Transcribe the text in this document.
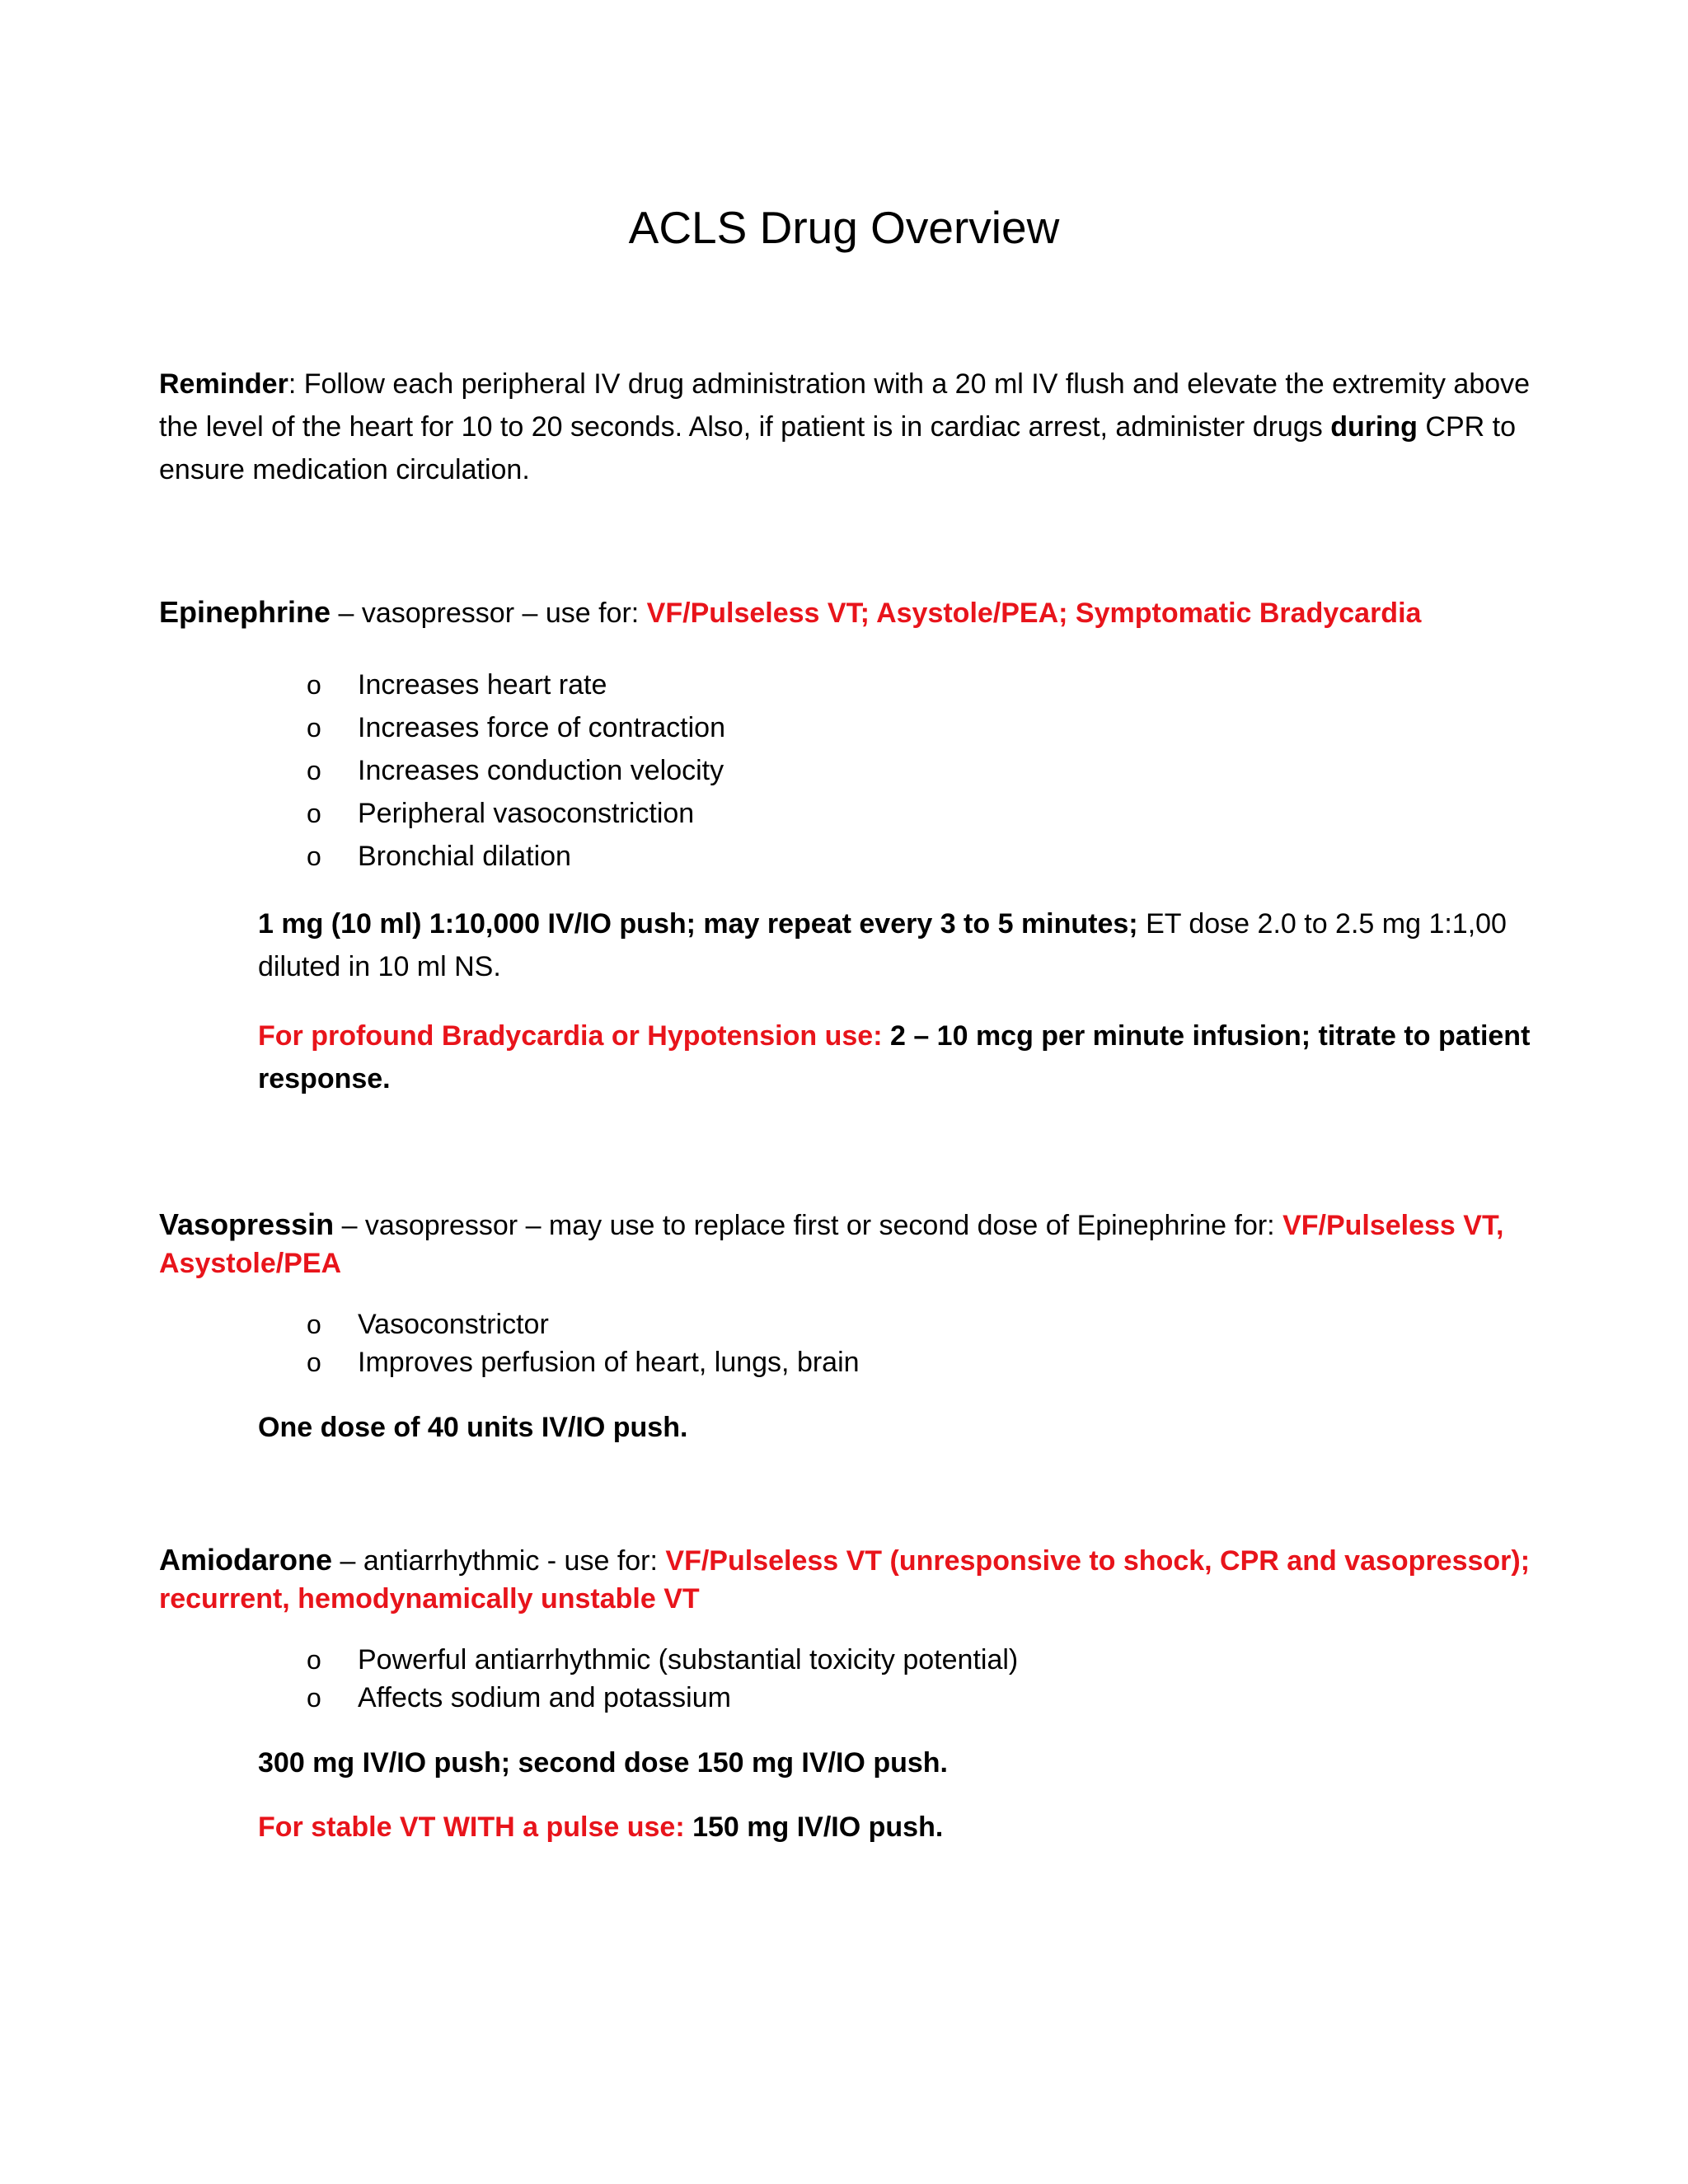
ACLS Drug Overview

Reminder: Follow each peripheral IV drug administration with a 20 ml IV flush and elevate the extremity above the level of the heart for 10 to 20 seconds. Also, if patient is in cardiac arrest, administer drugs during CPR to ensure medication circulation.

Epinephrine – vasopressor – use for: VF/Pulseless VT; Asystole/PEA; Symptomatic Bradycardia

o Increases heart rate
o Increases force of contraction
o Increases conduction velocity
o Peripheral vasoconstriction
o Bronchial dilation

1 mg (10 ml) 1:10,000 IV/IO push; may repeat every 3 to 5 minutes; ET dose 2.0 to 2.5 mg 1:1,00 diluted in 10 ml NS.

For profound Bradycardia or Hypotension use: 2 – 10 mcg per minute infusion; titrate to patient response.

Vasopressin – vasopressor – may use to replace first or second dose of Epinephrine for: VF/Pulseless VT, Asystole/PEA

o Vasoconstrictor
o Improves perfusion of heart, lungs, brain

One dose of 40 units IV/IO push.

Amiodarone – antiarrhythmic - use for: VF/Pulseless VT (unresponsive to shock, CPR and vasopressor); recurrent, hemodynamically unstable VT

o Powerful antiarrhythmic (substantial toxicity potential)
o Affects sodium and potassium

300 mg IV/IO push; second dose 150 mg IV/IO push.

For stable VT WITH a pulse use: 150 mg IV/IO push.
